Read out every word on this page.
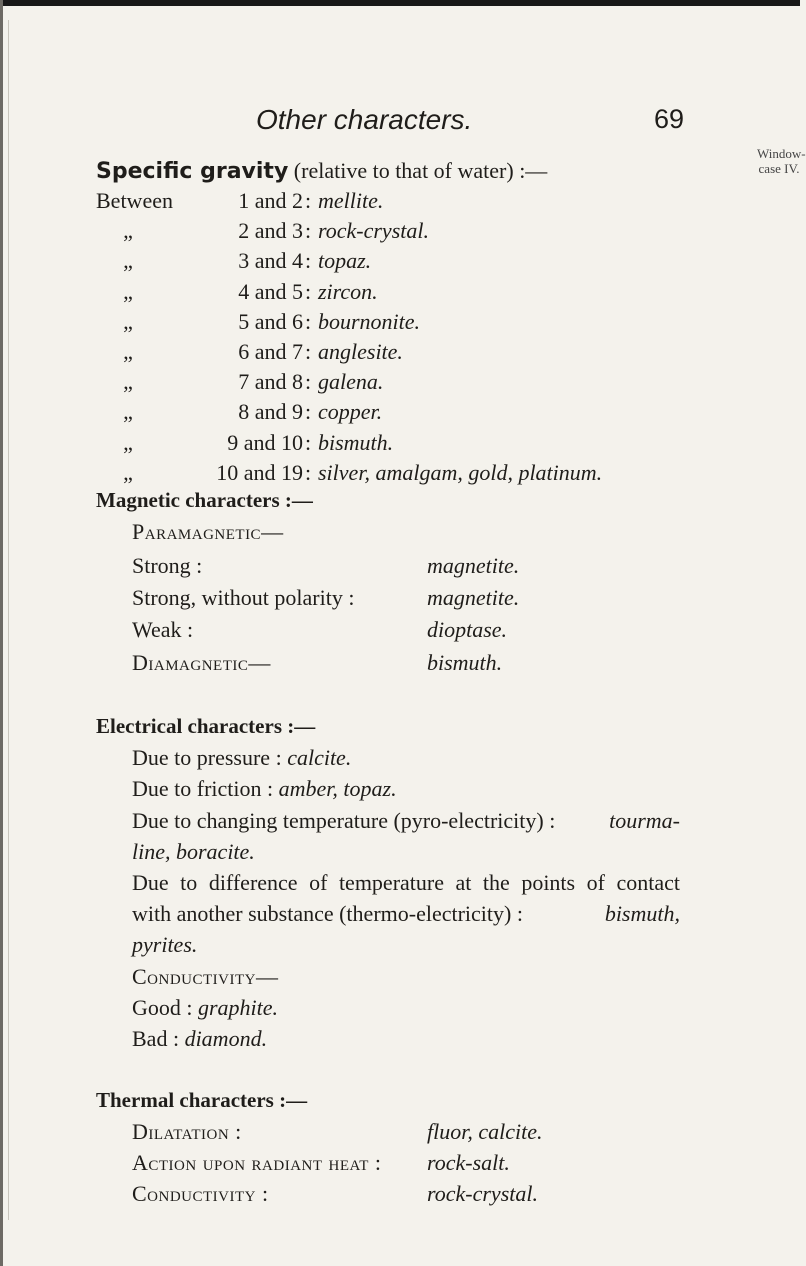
Other characters.	69
Window-case IV.
Specific gravity (relative to that of water) :—
Between	1 and 2 : mellite.
„	2 and 3 : rock-crystal.
„	3 and 4 : topaz.
„	4 and 5 : zircon.
„	5 and 6 : bournonite.
„	6 and 7 : anglesite.
„	7 and 8 : galena.
„	8 and 9 : copper.
„	9 and 10 : bismuth.
„	10 and 19 : silver, amalgam, gold, platinum.
Magnetic characters :—
Paramagnetic—
Strong :	magnetite.
Strong, without polarity :	magnetite.
Weak :	dioptase.
Diamagnetic—	bismuth.
Electrical characters :—
Due to pressure : calcite.
Due to friction : amber, topaz.
Due to changing temperature (pyro-electricity) : tourma-
line, boracite.
Due to difference of temperature at the points of contact
with another substance (thermo-electricity) :	bismuth,
pyrites.
Conductivity—
Good : graphite.
Bad : diamond.
Thermal characters :—
Dilatation :	fluor, calcite.
Action upon radiant heat : rock-salt.
Conductivity :	rock-crystal.
